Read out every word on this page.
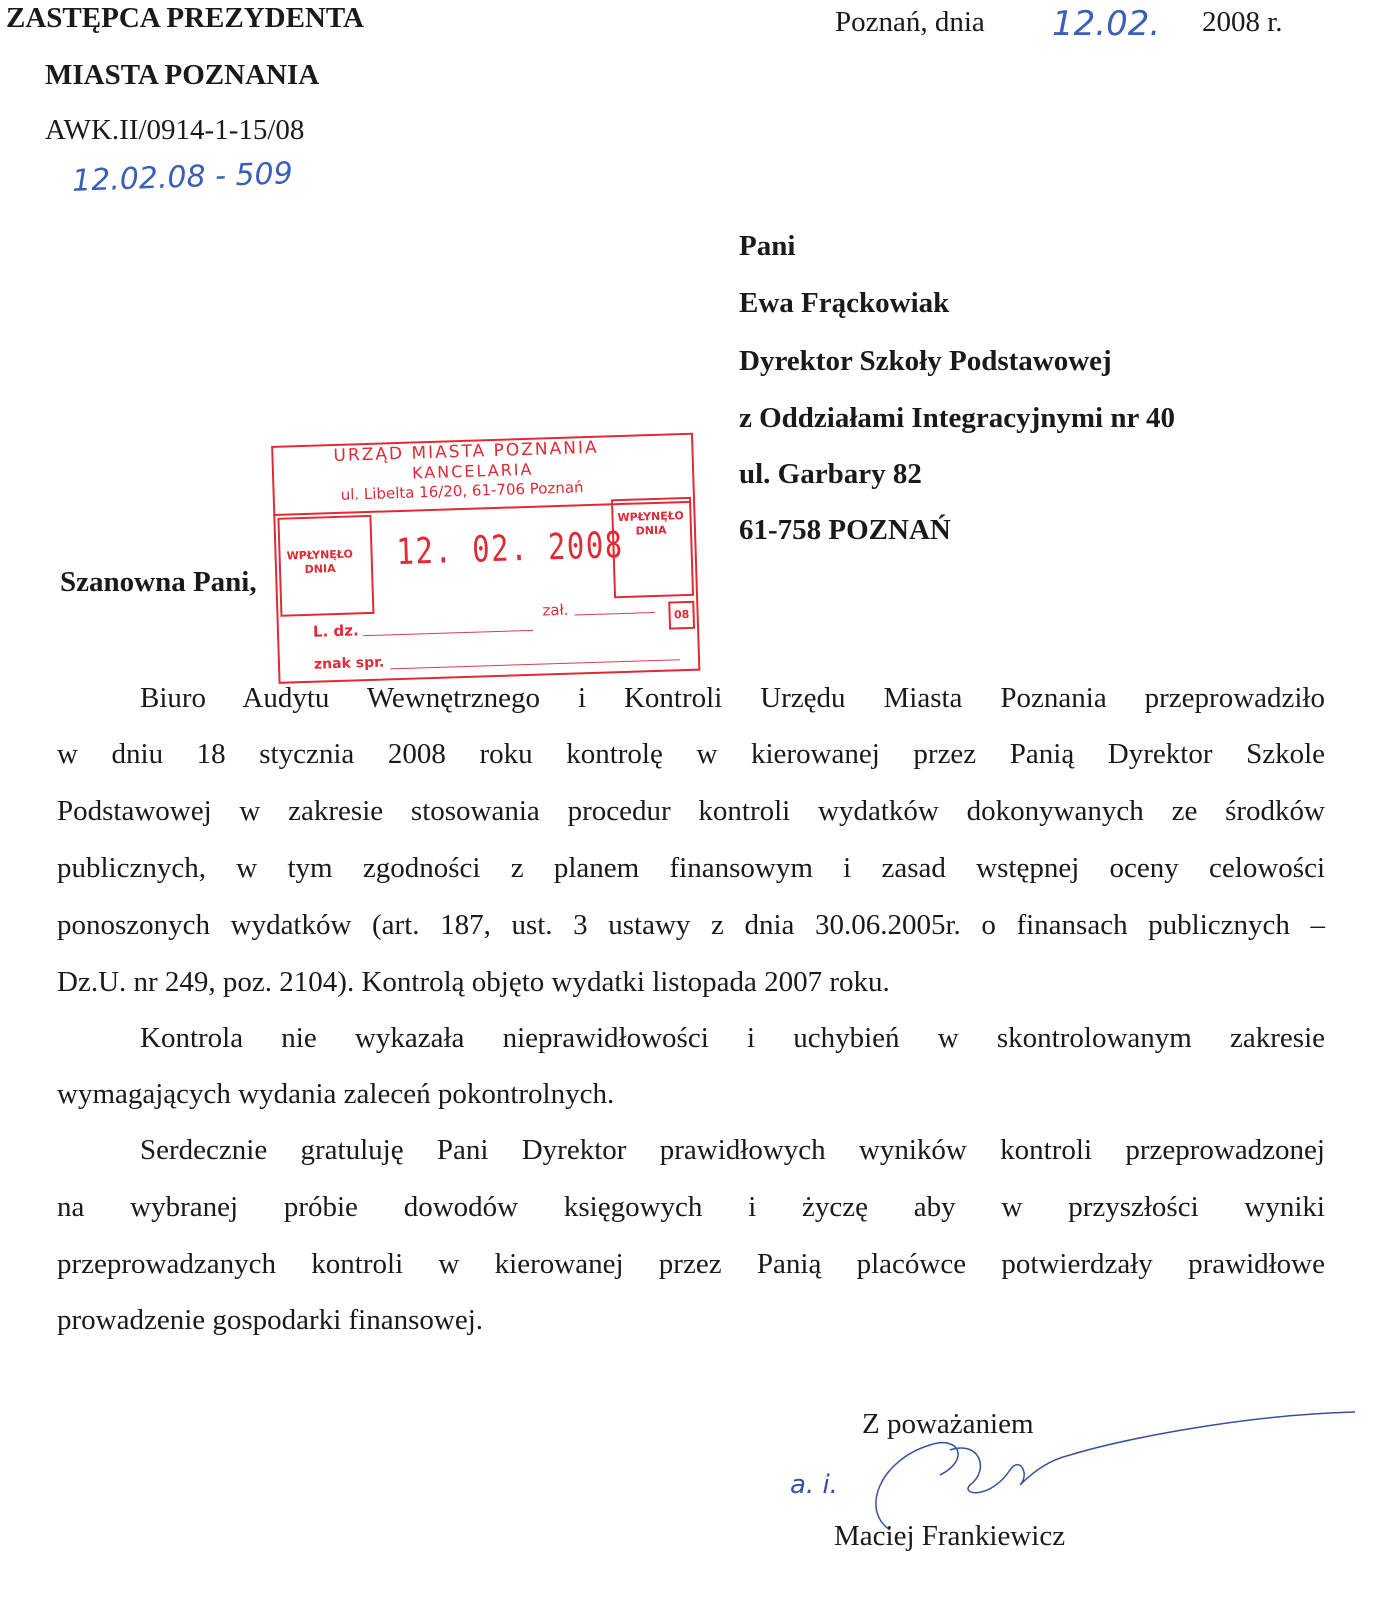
ZASTĘPCA PREZYDENTA
MIASTA POZNANIA
AWK.II/0914-1-15/08
12.02.08 - 509
Poznań, dnia 12.02. 2008 r.
Pani
Ewa Frąckowiak
Dyrektor Szkoły Podstawowej
z Oddziałami Integracyjnymi nr 40
ul. Garbary 82
61-758 POZNAŃ
Szanowna Pani,
URZĄD MIASTA POZNANIA
KANCELARIA
ul. Libelta 16/20, 61-706 Poznań
WPŁYNĘŁO
DNIA	12. 02. 2008
WPŁYNĘŁO
DNIA
L. dz.
zał.	08
znak spr.
Biuro Audytu Wewnętrznego i Kontroli Urzędu Miasta Poznania przeprowadziło
w dniu 18 stycznia 2008 roku kontrolę w kierowanej przez Panią Dyrektor Szkole
Podstawowej w zakresie stosowania procedur kontroli wydatków dokonywanych ze środków
publicznych, w tym zgodności z planem finansowym i zasad wstępnej oceny celowości
ponoszonych wydatków (art. 187, ust. 3 ustawy z dnia 30.06.2005r. o finansach publicznych –
Dz.U. nr 249, poz. 2104). Kontrolą objęto wydatki listopada 2007 roku.
Kontrola nie wykazała nieprawidłowości i uchybień w skontrolowanym zakresie
wymagających wydania zaleceń pokontrolnych.
Serdecznie gratuluję Pani Dyrektor prawidłowych wyników kontroli przeprowadzonej
na wybranej próbie dowodów księgowych i życzę aby w przyszłości wyniki
przeprowadzanych kontroli w kierowanej przez Panią placówce potwierdzały prawidłowe
prowadzenie gospodarki finansowej.
Z poważaniem
a. i.
Maciej Frankiewicz
